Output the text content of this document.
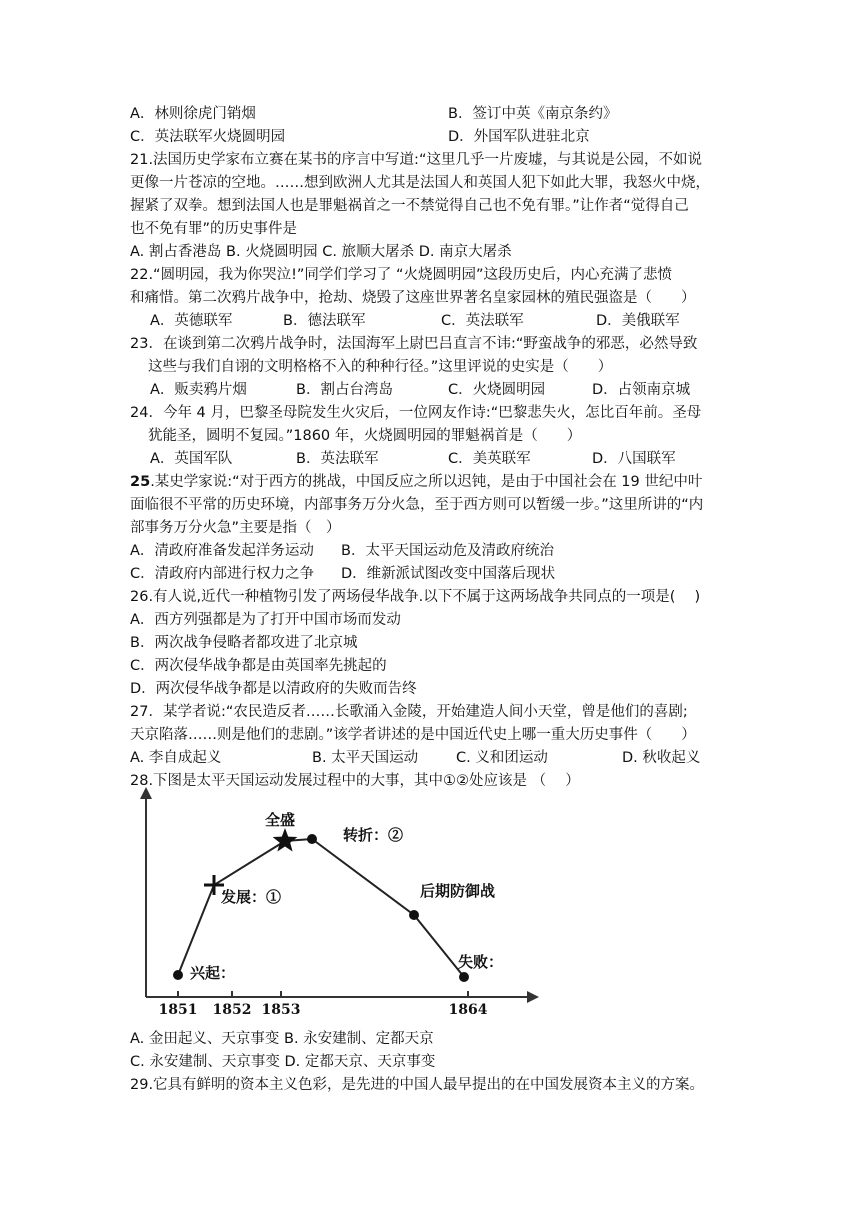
A．林则徐虎门销烟	B．签订中英《南京条约》
C．英法联军火烧圆明园	D．外国军队进驻北京
21.法国历史学家布立赛在某书的序言中写道:“这里几乎一片废墟，与其说是公园，不如说
更像一片苍凉的空地。……想到欧洲人尤其是法国人和英国人犯下如此大罪，我怒火中烧，
握紧了双拳。想到法国人也是罪魁祸首之一不禁觉得自己也不免有罪。”让作者“觉得自己
也不免有罪”的历史事件是
A. 割占香港岛 B. 火烧圆明园 C. 旅顺大屠杀 D. 南京大屠杀
22.“圆明园，我为你哭泣!”同学们学习了 “火烧圆明园”这段历史后，内心充满了悲愤
和痛惜。第二次鸦片战争中，抢劫、烧毁了这座世界著名皇家园林的殖民强盗是（　　）
A．英德联军	B．德法联军	C．英法联军	D．美俄联军
23．在谈到第二次鸦片战争时，法国海军上尉巴吕直言不讳:“野蛮战争的邪恶，必然导致
这些与我们自诩的文明格格不入的种种行径。”这里评说的史实是（　　）
A．贩卖鸦片烟	B．割占台湾岛	C．火烧圆明园	D．占领南京城
24．今年 4 月，巴黎圣母院发生火灾后，一位网友作诗:“巴黎悲失火，怎比百年前。圣母
犹能圣，圆明不复园。”1860 年，火烧圆明园的罪魁祸首是（　　）
A．英国军队	B．英法联军	C．美英联军	D．八国联军
25.某史学家说:“对于西方的挑战，中国反应之所以迟钝，是由于中国社会在 19 世纪中叶
面临很不平常的历史环境，内部事务万分火急，至于西方则可以暂缓一步。”这里所讲的“内
部事务万分火急”主要是指（　）
A．清政府准备发起洋务运动 B．太平天国运动危及清政府统治
C．清政府内部进行权力之争 D．维新派试图改变中国落后现状
26.有人说,近代一种植物引发了两场侵华战争.以下不属于这两场战争共同点的一项是(　 )
A．西方列强都是为了打开中国市场而发动
B．两次战争侵略者都攻进了北京城
C．两次侵华战争都是由英国率先挑起的
D．两次侵华战争都是以清政府的失败而告终
27．某学者说:“农民造反者……长歌涌入金陵，开始建造人间小天堂，曾是他们的喜剧;
天京陷落……则是他们的悲剧。”该学者讲述的是中国近代史上哪一重大历史事件（　　）
A. 李自成起义	B. 太平天国运动	C. 义和团运动	D. 秋收起义
28.下图是太平天国运动发展过程中的大事，其中①②处应该是 （　 ）
1851 1852 1853	1864
兴起：
发展：①
全盛
转折：②
后期防御战
失败：
A. 金田起义、天京事变 B. 永安建制、定都天京
C. 永安建制、天京事变 D. 定都天京、天京事变
29.它具有鲜明的资本主义色彩，是先进的中国人最早提出的在中国发展资本主义的方案。
